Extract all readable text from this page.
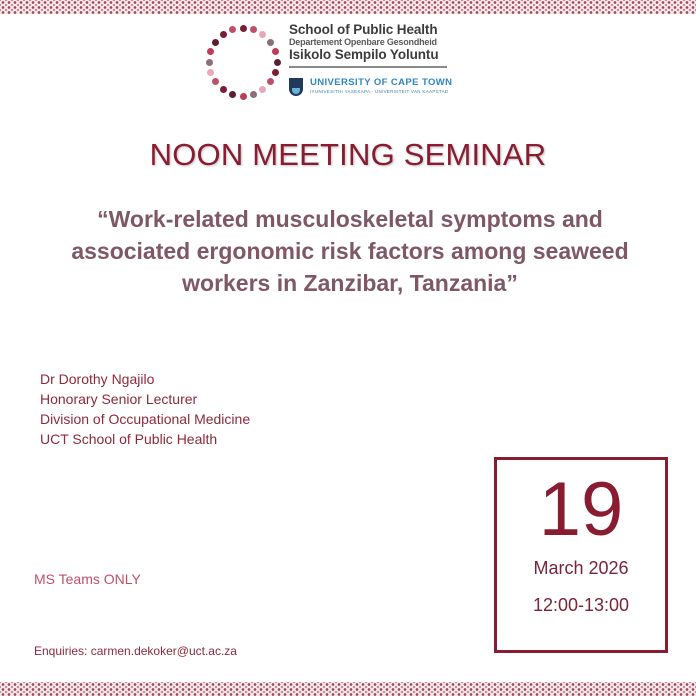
School of Public Health
Departement Openbare Gesondheid
Isikolo Sempilo Yoluntu
UNIVERSITY OF CAPE TOWN
IYUNIVESITHI YASEKAPA · UNIVERSITEIT VAN KAAPSTAD
NOON MEETING SEMINAR
“Work-related musculoskeletal symptoms and associated ergonomic risk factors among seaweed workers in Zanzibar, Tanzania”
Dr Dorothy Ngajilo
Honorary Senior Lecturer
Division of Occupational Medicine
UCT School of Public Health
MS Teams ONLY
Enquiries: carmen.dekoker@uct.ac.za
19
March 2026
12:00-13:00
